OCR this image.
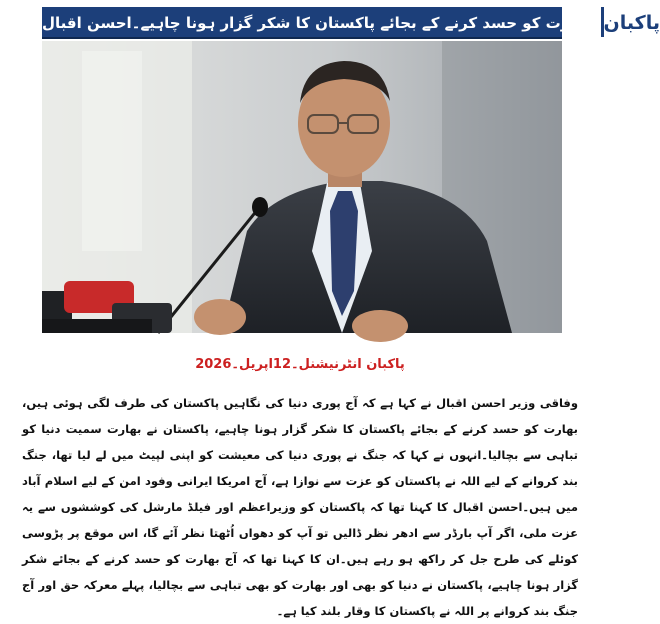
بھارت کو حسد کرنے کے بجائے پاکستان کا شکر گزار ہونا چاہیے۔احسن اقبال پاکبان
پاکبان انٹرنیشنل۔12اپریل۔2026
وفاقی وزیر احسن اقبال نے کہا ہے کہ آج پوری دنیا کی نگاہیں پاکستان کی طرف لگی ہوئی ہیں، بھارت کو حسد کرنے کے بجائے پاکستان کا شکر گزار ہونا چاہیے، پاکستان نے بھارت سمیت دنیا کو تباہی سے بچالیا۔انہوں نے کہا کہ جنگ نے پوری دنیا کی معیشت کو اپنی لپیٹ میں لے لیا تھا، جنگ بند کروانے کے لیے اللہ نے پاکستان کو عزت سے نوازا ہے، آج امریکا ایرانی وفود امن کے لیے اسلام آباد میں ہیں۔احسن اقبال کا کہنا تھا کہ پاکستان کو وزیراعظم اور فیلڈ مارشل کی کوششوں سے یہ عزت ملی، اگر آپ بارڈر سے ادھر نظر ڈالیں تو آپ کو دھواں اُٹھتا نظر آئے گا، اس موقع پر پڑوسی کوئلے کی طرح جل کر راکھ ہو رہے ہیں۔ان کا کہنا تھا کہ آج بھارت کو حسد کرنے کے بجائے شکر گزار ہونا چاہیے، پاکستان نے دنیا کو بھی اور بھارت کو بھی تباہی سے بچالیا، پہلے معرکہ حق اور آج جنگ بند کروانے پر اللہ نے پاکستان کا وقار بلند کیا ہے۔
